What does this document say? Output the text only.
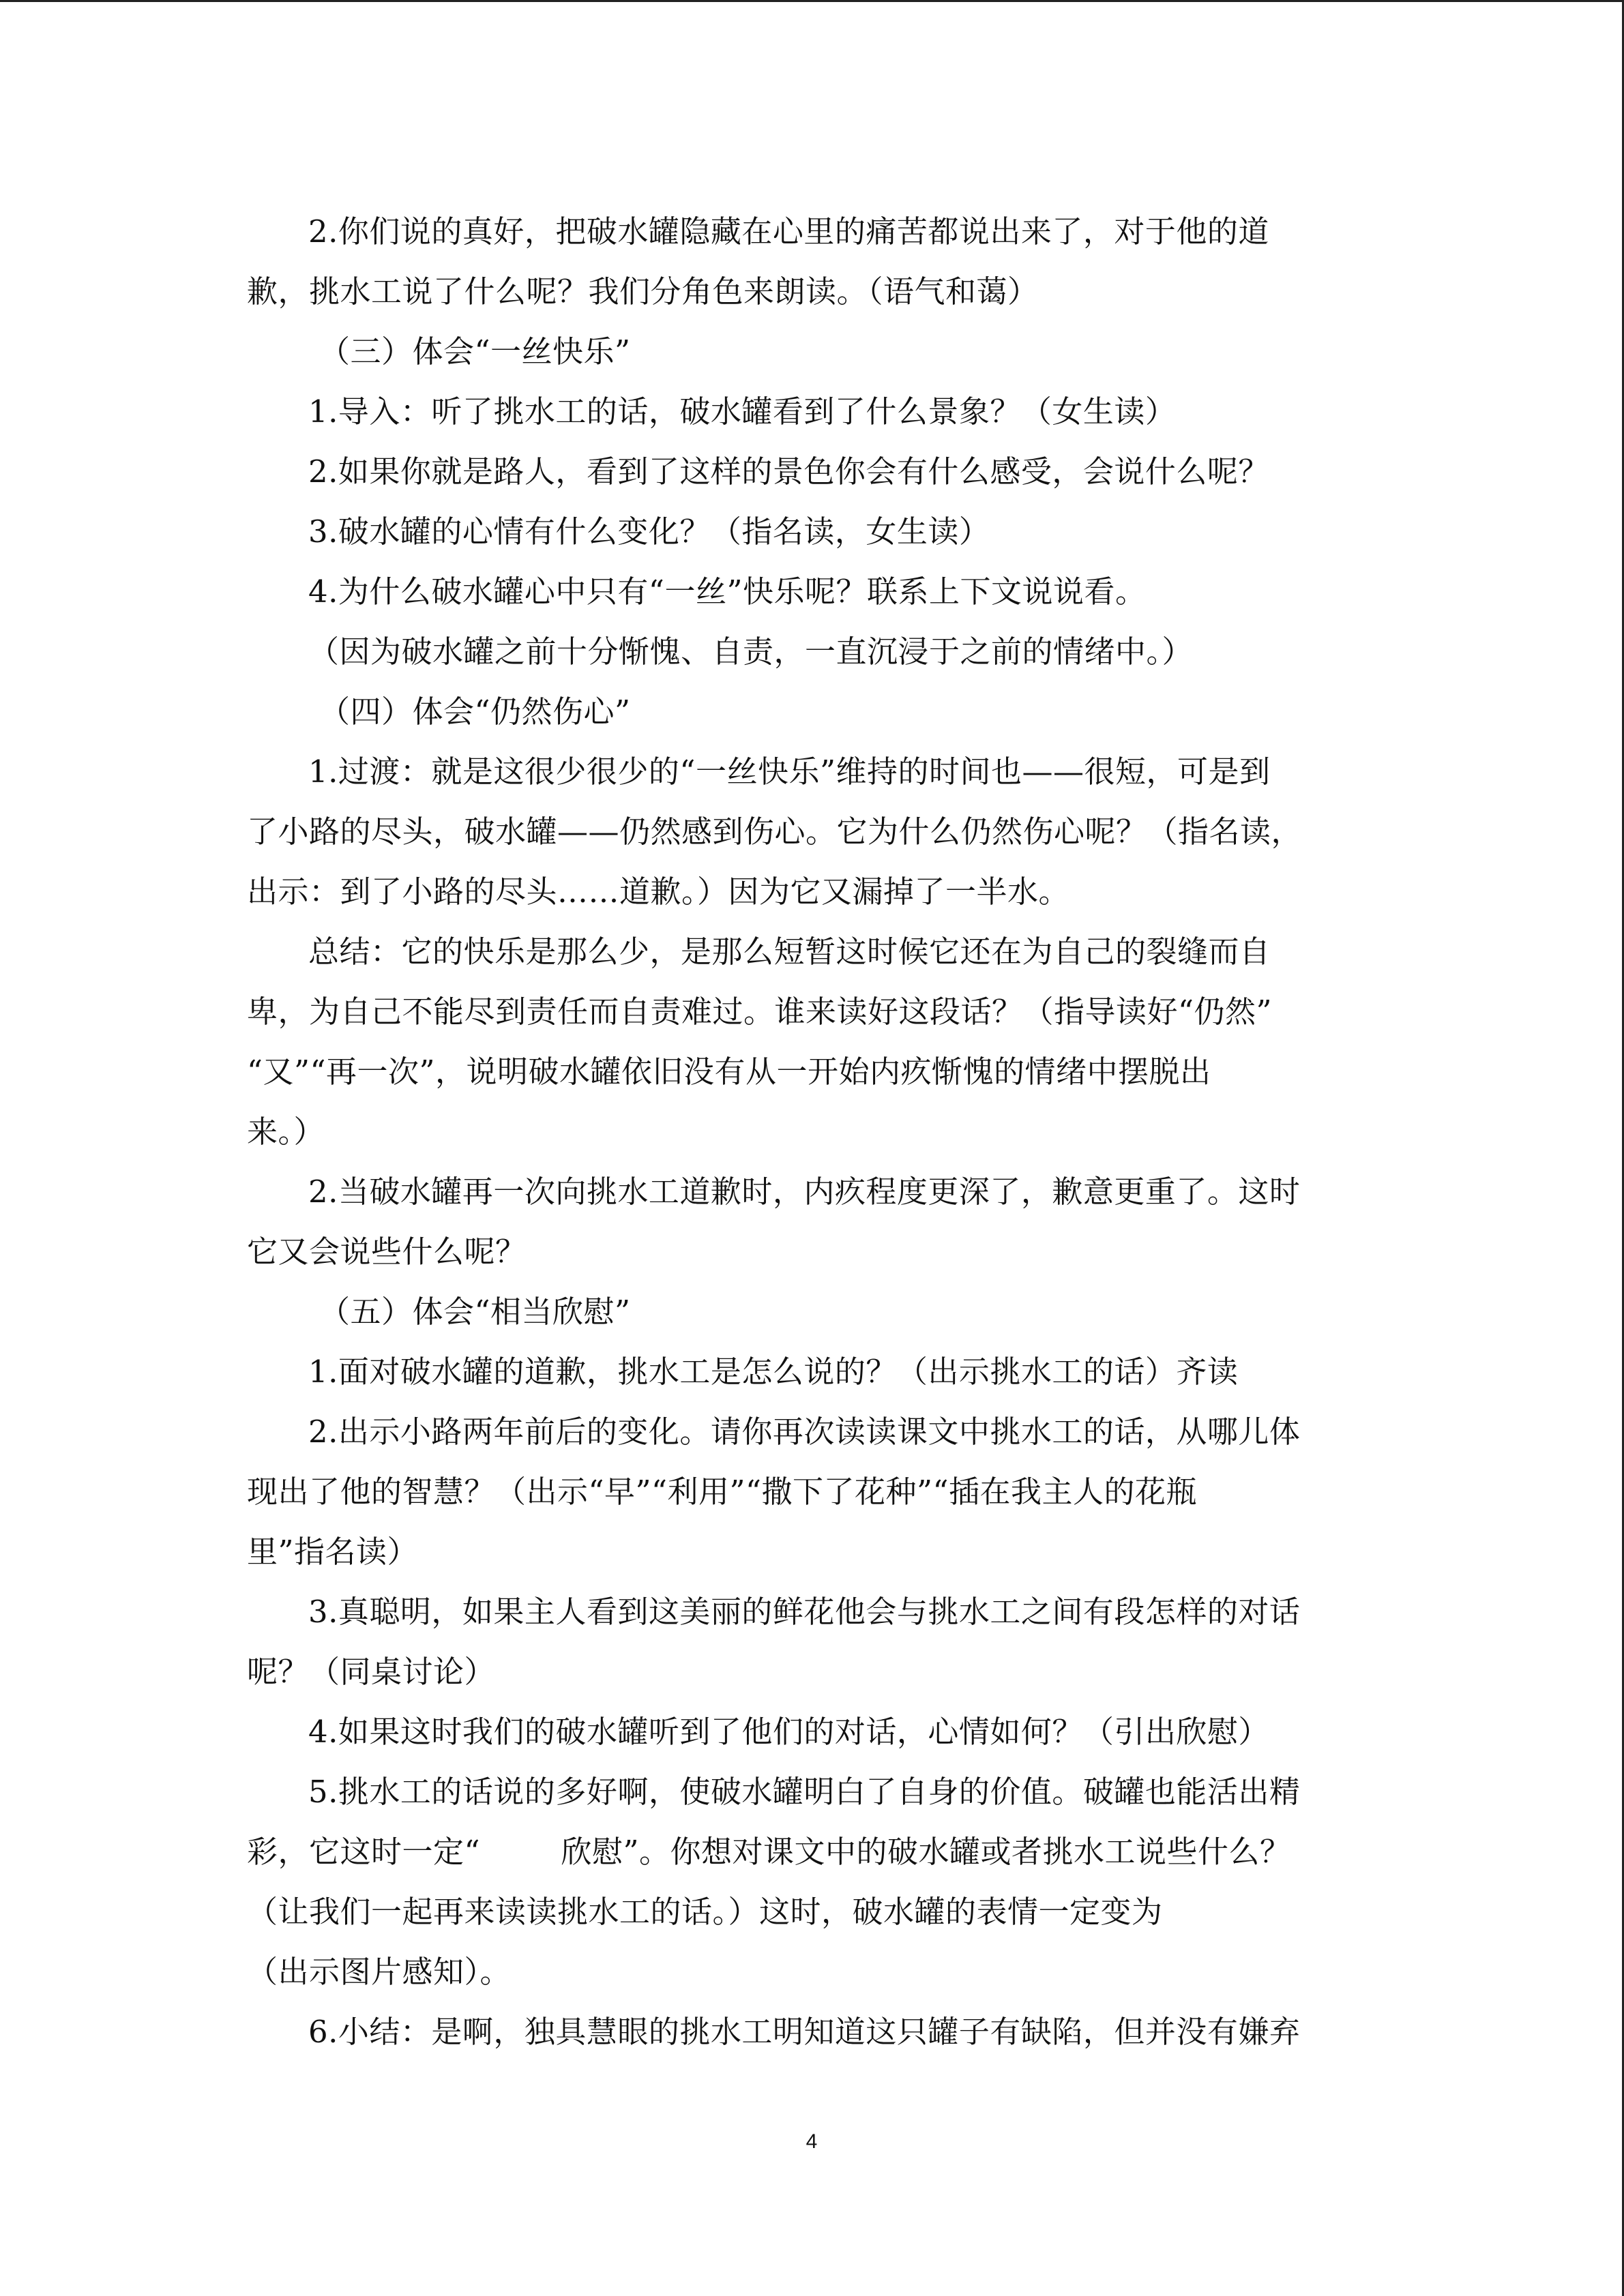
2.你们说的真好，把破水罐隐藏在心里的痛苦都说出来了，对于他的道
歉，挑水工说了什么呢？我们分角色来朗读。（语气和蔼）
（三）体会“一丝快乐”
1.导入：听了挑水工的话，破水罐看到了什么景象？（女生读）
2.如果你就是路人，看到了这样的景色你会有什么感受，会说什么呢？
3.破水罐的心情有什么变化？（指名读，女生读）
4.为什么破水罐心中只有“一丝”快乐呢？联系上下文说说看。
（因为破水罐之前十分惭愧、自责，一直沉浸于之前的情绪中。）
（四）体会“仍然伤心”
1.过渡：就是这很少很少的“一丝快乐”维持的时间也——很短，可是到
了小路的尽头，破水罐——仍然感到伤心。它为什么仍然伤心呢？（指名读，
出示：到了小路的尽头……道歉。）因为它又漏掉了一半水。
总结：它的快乐是那么少，是那么短暂这时候它还在为自己的裂缝而自
卑，为自己不能尽到责任而自责难过。谁来读好这段话？（指导读好“仍然”
“又”“再一次”，说明破水罐依旧没有从一开始内疚惭愧的情绪中摆脱出
来。）
2.当破水罐再一次向挑水工道歉时，内疚程度更深了，歉意更重了。这时
它又会说些什么呢？
（五）体会“相当欣慰”
1.面对破水罐的道歉，挑水工是怎么说的？（出示挑水工的话）齐读
2.出示小路两年前后的变化。请你再次读读课文中挑水工的话，从哪儿体
现出了他的智慧？（出示“早”“利用”“撒下了花种”“插在我主人的花瓶
里”指名读）
3.真聪明，如果主人看到这美丽的鲜花他会与挑水工之间有段怎样的对话
呢？（同桌讨论）
4.如果这时我们的破水罐听到了他们的对话，心情如何？（引出欣慰）
5.挑水工的话说的多好啊，使破水罐明白了自身的价值。破罐也能活出精
彩，它这时一定“        欣慰”。你想对课文中的破水罐或者挑水工说些什么？
（让我们一起再来读读挑水工的话。）这时，破水罐的表情一定变为
（出示图片感知）。
6.小结：是啊，独具慧眼的挑水工明知道这只罐子有缺陷，但并没有嫌弃
4
